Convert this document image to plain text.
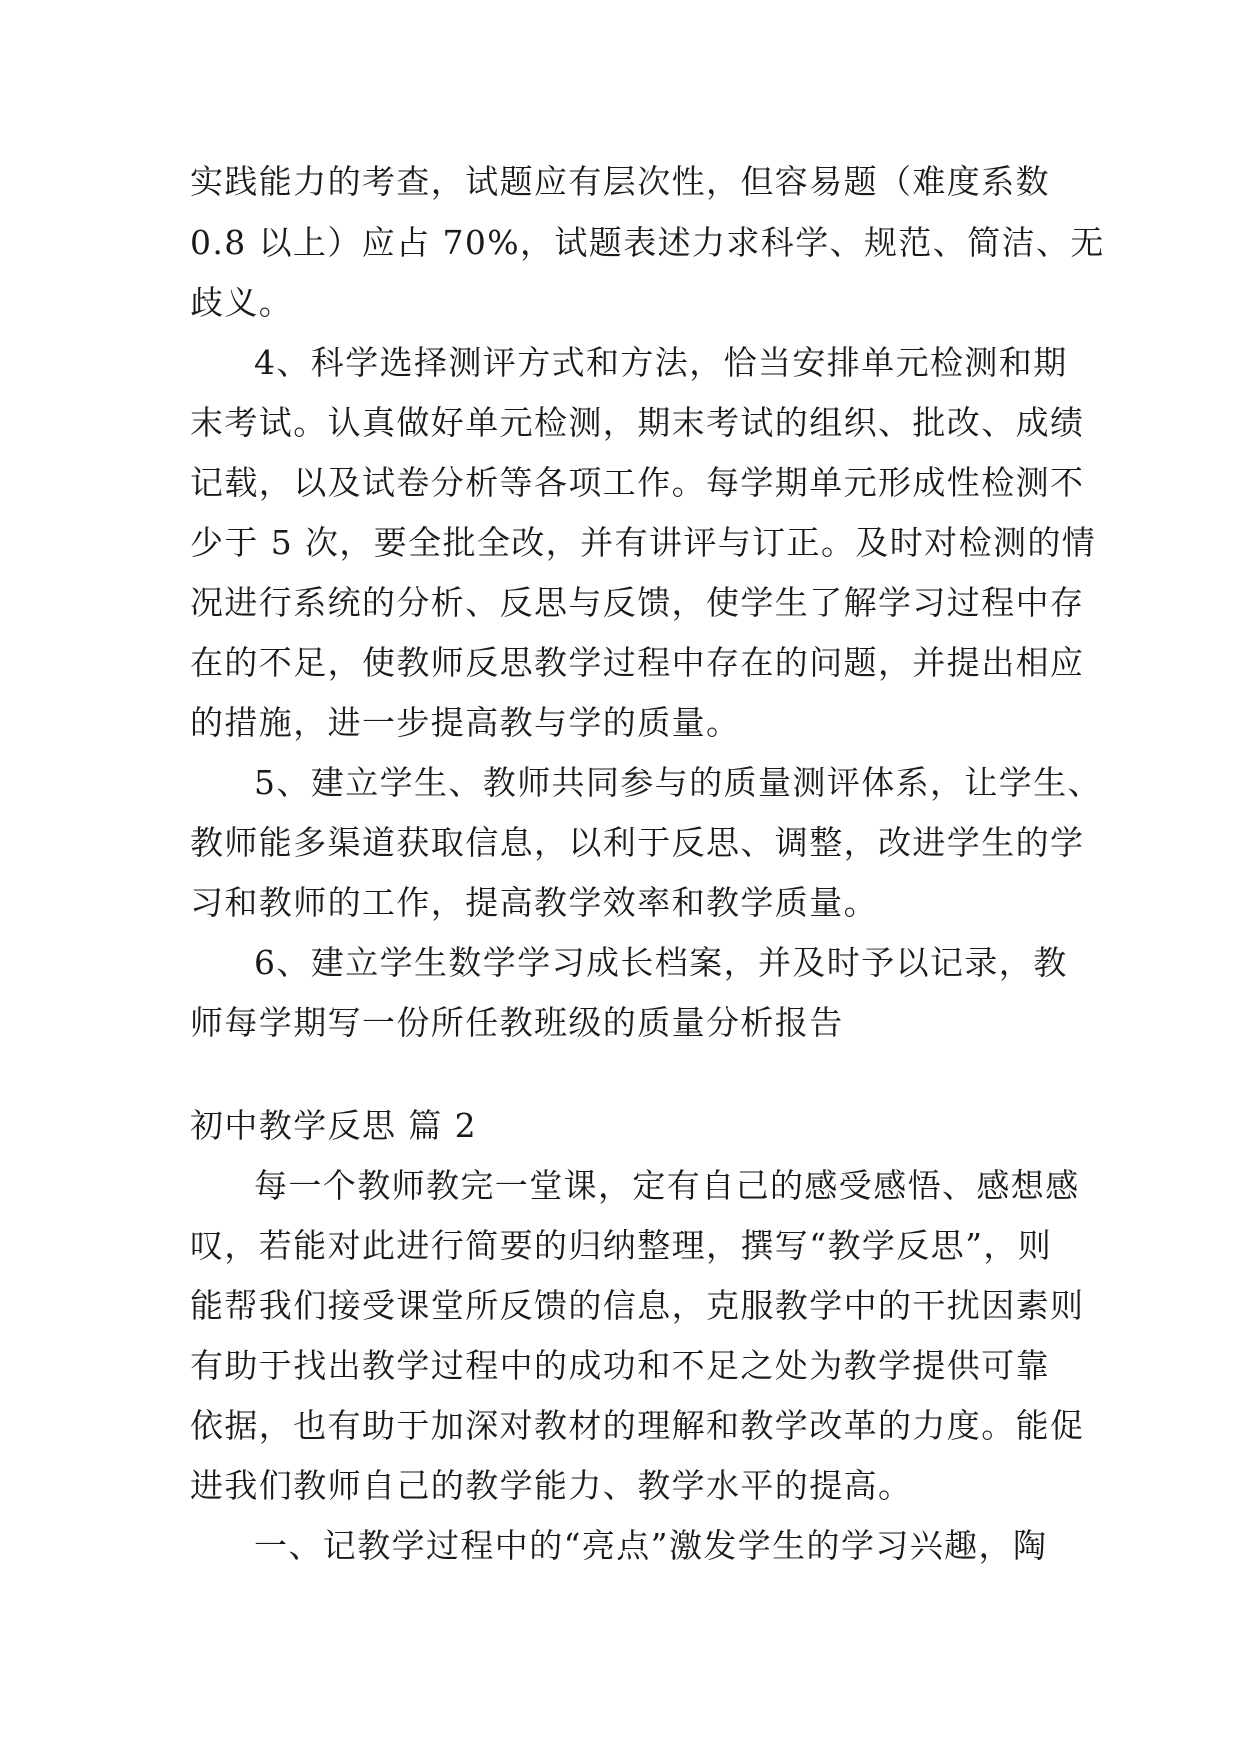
实践能力的考查，试题应有层次性，但容易题（难度系数
0.8 以上）应占 70%，试题表述力求科学、规范、简洁、无
歧义。
4、科学选择测评方式和方法，恰当安排单元检测和期
末考试。认真做好单元检测，期末考试的组织、批改、成绩
记载，以及试卷分析等各项工作。每学期单元形成性检测不
少于 5 次，要全批全改，并有讲评与订正。及时对检测的情
况进行系统的分析、反思与反馈，使学生了解学习过程中存
在的不足，使教师反思教学过程中存在的问题，并提出相应
的措施，进一步提高教与学的质量。
5、建立学生、教师共同参与的质量测评体系，让学生、
教师能多渠道获取信息，以利于反思、调整，改进学生的学
习和教师的工作，提高教学效率和教学质量。
6、建立学生数学学习成长档案，并及时予以记录，教
师每学期写一份所任教班级的质量分析报告
初中教学反思 篇 2
每一个教师教完一堂课，定有自己的感受感悟、感想感
叹，若能对此进行简要的归纳整理，撰写“教学反思”，则
能帮我们接受课堂所反馈的信息，克服教学中的干扰因素则
有助于找出教学过程中的成功和不足之处为教学提供可靠
依据，也有助于加深对教材的理解和教学改革的力度。能促
进我们教师自己的教学能力、教学水平的提高。
一、记教学过程中的“亮点”激发学生的学习兴趣，陶
